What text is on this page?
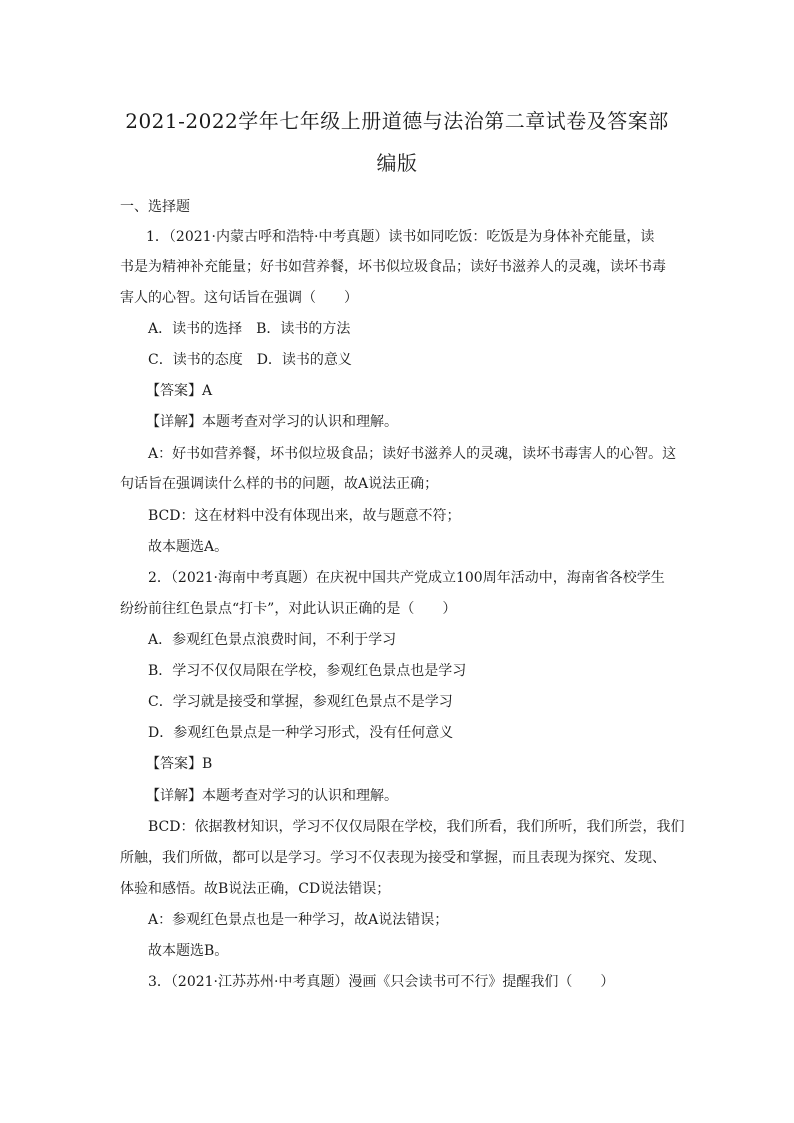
2021-2022学年七年级上册道德与法治第二章试卷及答案部
编版
一、选择题
1．（2021·内蒙古呼和浩特·中考真题）读书如同吃饭：吃饭是为身体补充能量，读
书是为精神补充能量；好书如营养餐，坏书似垃圾食品；读好书滋养人的灵魂，读坏书毒
害人的心智。这句话旨在强调（　　）
A．读书的选择　B．读书的方法
C．读书的态度　D．读书的意义
【答案】A
【详解】本题考查对学习的认识和理解。
A：好书如营养餐，坏书似垃圾食品；读好书滋养人的灵魂，读坏书毒害人的心智。这
句话旨在强调读什么样的书的问题，故A说法正确；
BCD：这在材料中没有体现出来，故与题意不符；
故本题选A。
2．（2021·海南中考真题）在庆祝中国共产党成立100周年活动中，海南省各校学生
纷纷前往红色景点“打卡”，对此认识正确的是（　　）
A．参观红色景点浪费时间，不利于学习
B．学习不仅仅局限在学校，参观红色景点也是学习
C．学习就是接受和掌握，参观红色景点不是学习
D．参观红色景点是一种学习形式，没有任何意义
【答案】B
【详解】本题考查对学习的认识和理解。
BCD：依据教材知识，学习不仅仅局限在学校，我们所看，我们所听，我们所尝，我们
所触，我们所做，都可以是学习。学习不仅表现为接受和掌握，而且表现为探究、发现、
体验和感悟。故B说法正确，CD说法错误；
A：参观红色景点也是一种学习，故A说法错误；
故本题选B。
3．（2021·江苏苏州·中考真题）漫画《只会读书可不行》提醒我们（　　）
